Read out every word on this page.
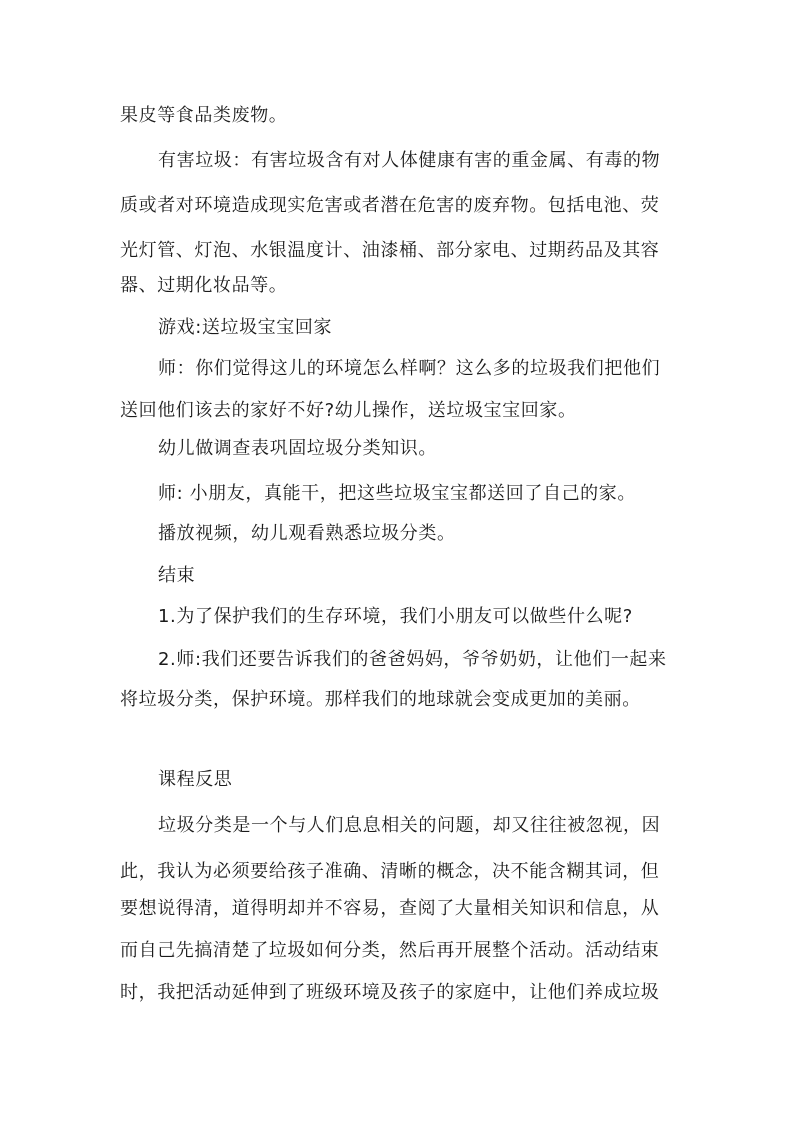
果皮等食品类废物。
有害垃圾：有害垃圾含有对人体健康有害的重金属、有毒的物
质或者对环境造成现实危害或者潜在危害的废弃物。包括电池、荧
光灯管、灯泡、水银温度计、油漆桶、部分家电、过期药品及其容
器、过期化妆品等。
游戏:送垃圾宝宝回家
师：你们觉得这儿的环境怎么样啊？这么多的垃圾我们把他们
送回他们该去的家好不好?幼儿操作，送垃圾宝宝回家。
幼儿做调查表巩固垃圾分类知识。
师: 小朋友，真能干，把这些垃圾宝宝都送回了自己的家。
播放视频，幼儿观看熟悉垃圾分类。
结束
1.为了保护我们的生存环境，我们小朋友可以做些什么呢?
2.师:我们还要告诉我们的爸爸妈妈，爷爷奶奶，让他们一起来
将垃圾分类，保护环境。那样我们的地球就会变成更加的美丽。
课程反思
垃圾分类是一个与人们息息相关的问题，却又往往被忽视，因
此，我认为必须要给孩子准确、清晰的概念，决不能含糊其词，但
要想说得清，道得明却并不容易，查阅了大量相关知识和信息，从
而自己先搞清楚了垃圾如何分类，然后再开展整个活动。活动结束
时，我把活动延伸到了班级环境及孩子的家庭中，让他们养成垃圾
